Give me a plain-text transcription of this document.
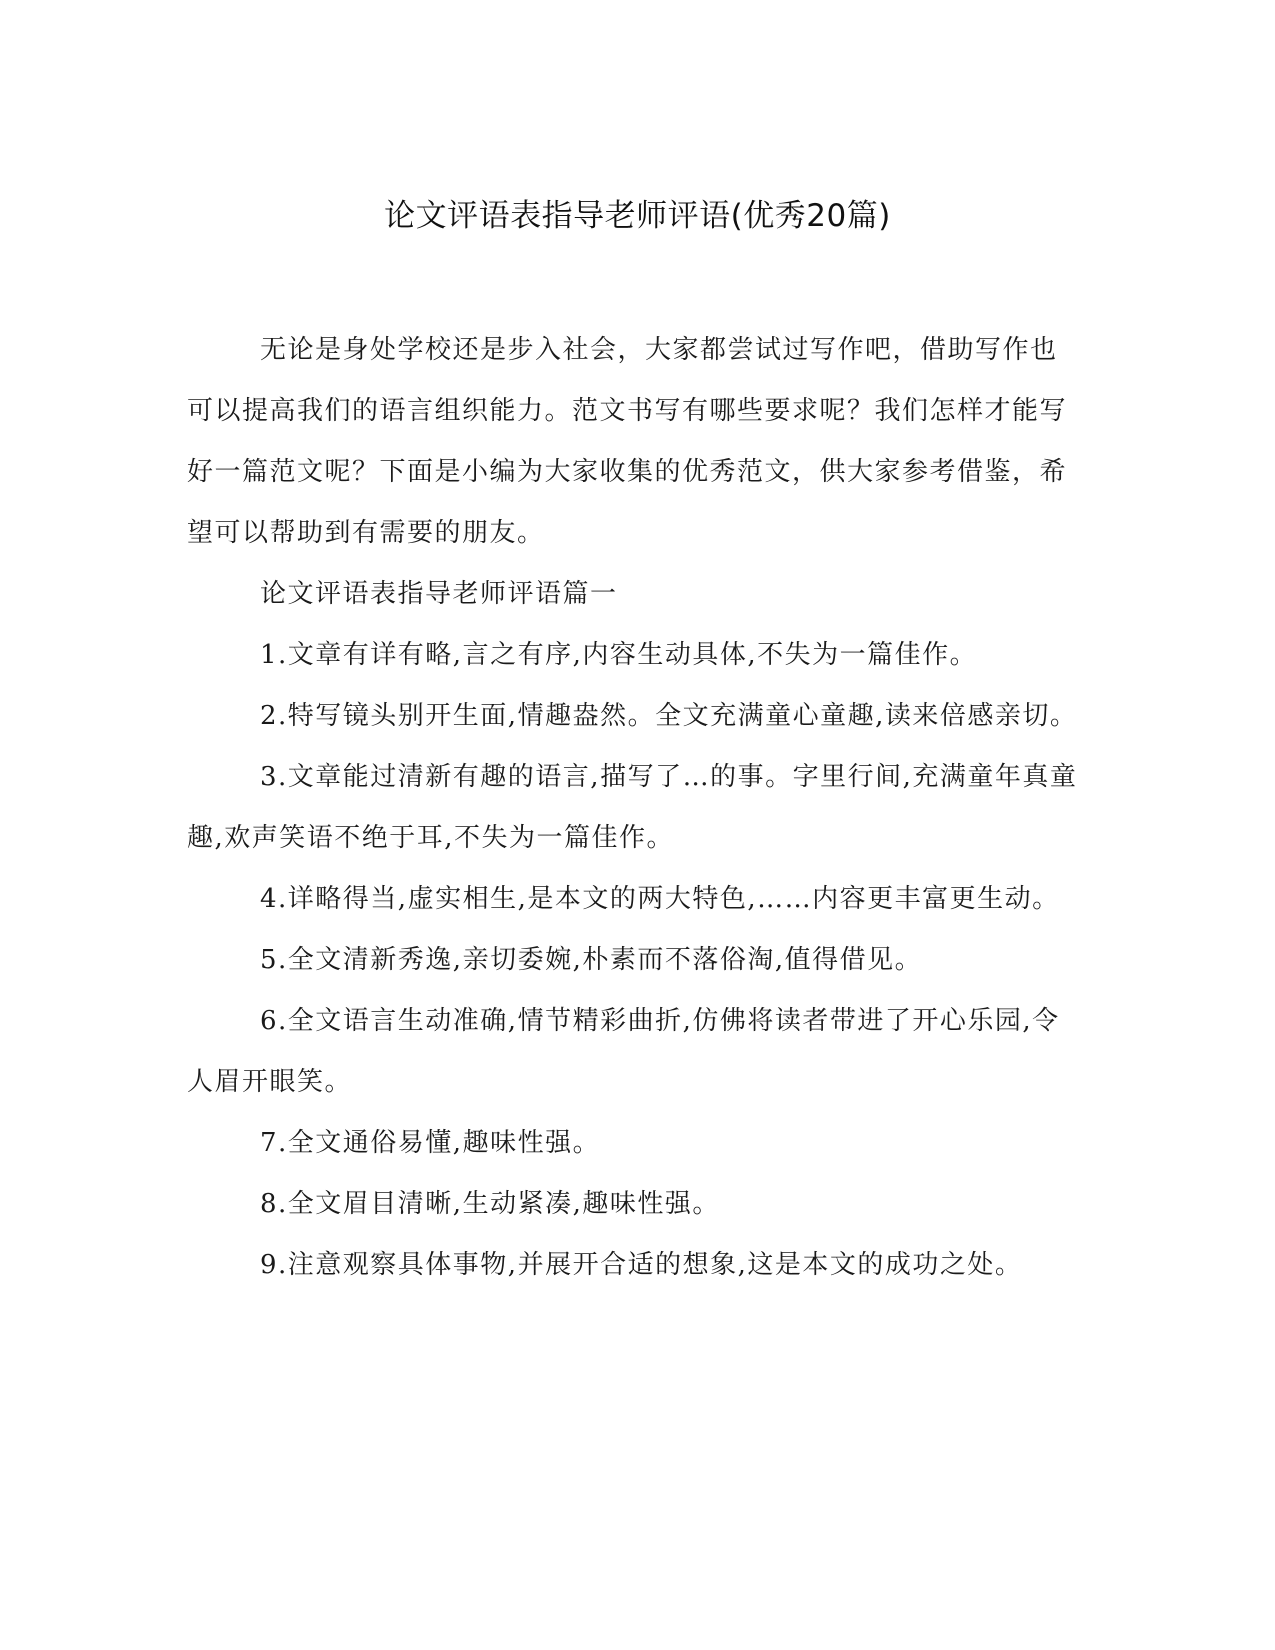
论文评语表指导老师评语(优秀20篇)

无论是身处学校还是步入社会，大家都尝试过写作吧，借助写作也可以提高我们的语言组织能力。范文书写有哪些要求呢？我们怎样才能写好一篇范文呢？下面是小编为大家收集的优秀范文，供大家参考借鉴，希望可以帮助到有需要的朋友。

论文评语表指导老师评语篇一

1.文章有详有略,言之有序,内容生动具体,不失为一篇佳作。

2.特写镜头别开生面,情趣盎然。全文充满童心童趣,读来倍感亲切。

3.文章能过清新有趣的语言,描写了…的事。字里行间,充满童年真童趣,欢声笑语不绝于耳,不失为一篇佳作。

4.详略得当,虚实相生,是本文的两大特色,……内容更丰富更生动。

5.全文清新秀逸,亲切委婉,朴素而不落俗淘,值得借见。

6.全文语言生动准确,情节精彩曲折,仿佛将读者带进了开心乐园,令人眉开眼笑。

7.全文通俗易懂,趣味性强。

8.全文眉目清晰,生动紧凑,趣味性强。

9.注意观察具体事物,并展开合适的想象,这是本文的成功之处。
